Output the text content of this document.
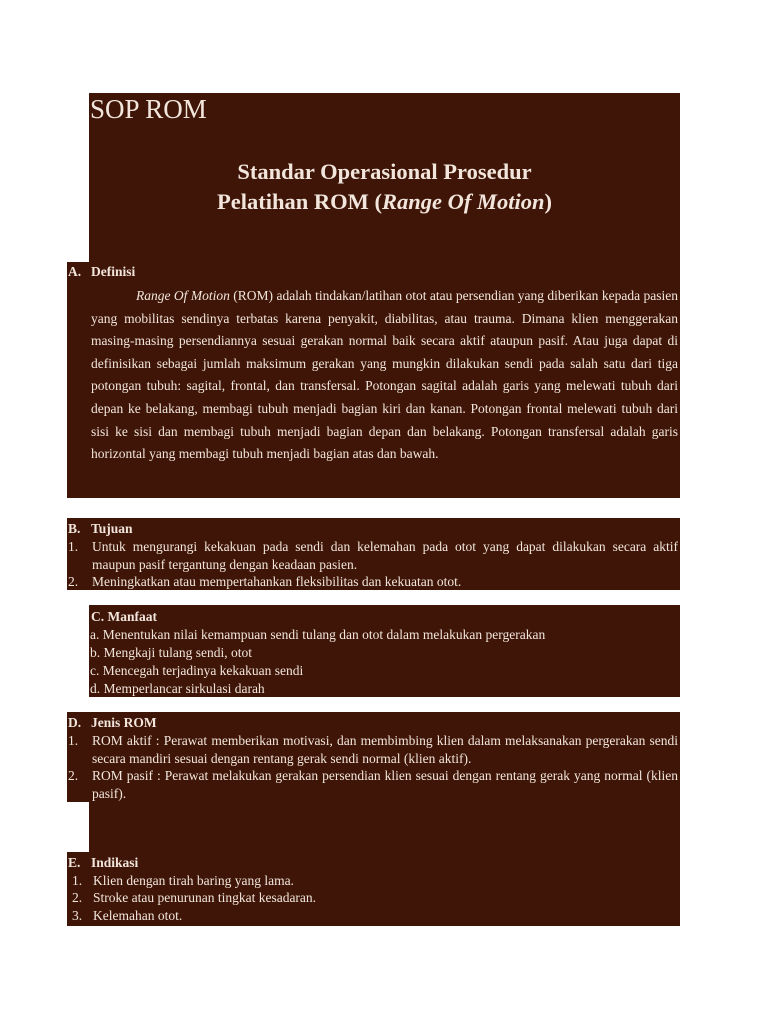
SOP ROM
Standar Operasional Prosedur
Pelatihan ROM (Range Of Motion)
A. Definisi

Range Of Motion (ROM) adalah tindakan/latihan otot atau persendian yang diberikan kepada pasien yang mobilitas sendinya terbatas karena penyakit, diabilitas, atau trauma. Dimana klien menggerakan masing-masing persendiannya sesuai gerakan normal baik secara aktif ataupun pasif. Atau juga dapat di definisikan sebagai jumlah maksimum gerakan yang mungkin dilakukan sendi pada salah satu dari tiga potongan tubuh: sagital, frontal, dan transfersal. Potongan sagital adalah garis yang melewati tubuh dari depan ke belakang, membagi tubuh menjadi bagian kiri dan kanan. Potongan frontal melewati tubuh dari sisi ke sisi dan membagi tubuh menjadi bagian depan dan belakang. Potongan transfersal adalah garis horizontal yang membagi tubuh menjadi bagian atas dan bawah.

B. Tujuan
1. Untuk mengurangi kekakuan pada sendi dan kelemahan pada otot yang dapat dilakukan secara aktif maupun pasif tergantung dengan keadaan pasien.

2. Meningkatkan atau mempertahankan fleksibilitas dan kekuatan otot.

C. Manfaat
a. Menentukan nilai kemampuan sendi tulang dan otot dalam melakukan pergerakan
b. Mengkaji tulang sendi, otot
c. Mencegah terjadinya kekakuan sendi
d. Memperlancar sirkulasi darah
D. Jenis ROM
1. ROM aktif : Perawat memberikan motivasi, dan membimbing klien dalam melaksanakan pergerakan sendi secara mandiri sesuai dengan rentang gerak sendi normal (klien aktif).

2. ROM pasif : Perawat melakukan gerakan persendian klien sesuai dengan rentang gerak yang normal (klien pasif).

E. Indikasi
1. Klien dengan tirah baring yang lama.
2. Stroke atau penurunan tingkat kesadaran.
3. Kelemahan otot.
